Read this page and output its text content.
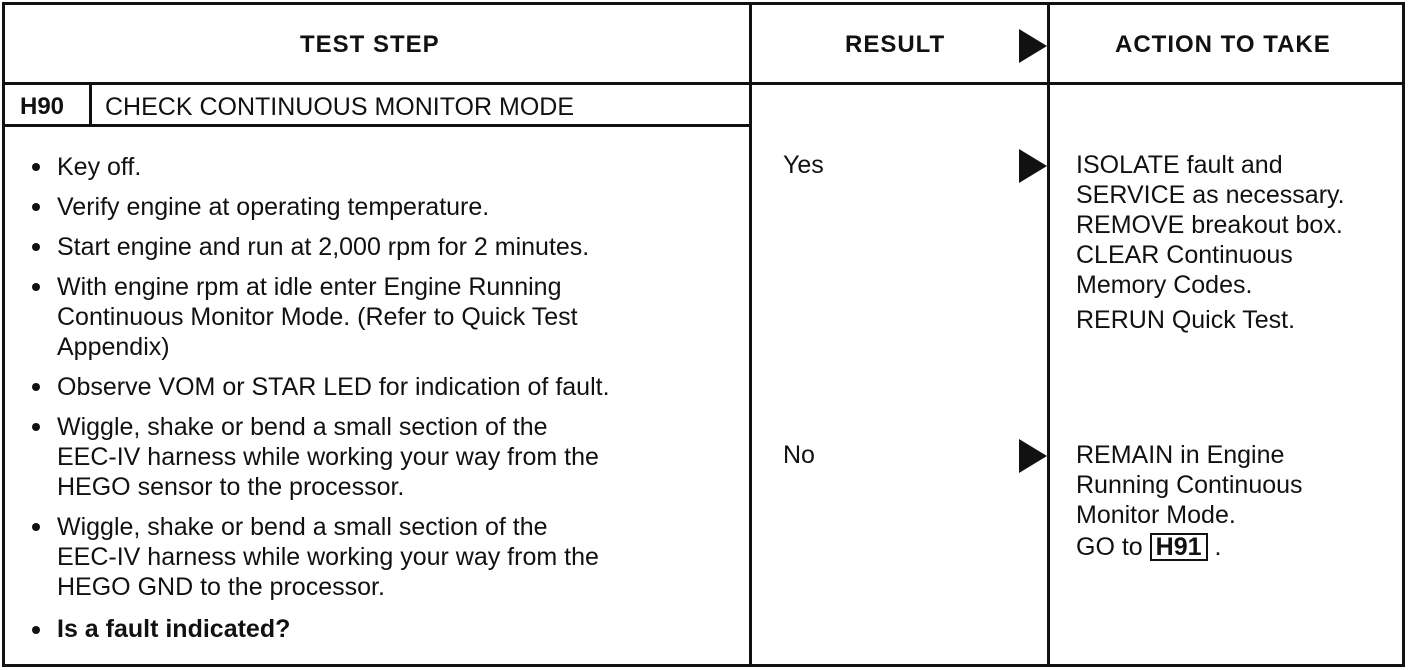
TEST STEP	RESULT	ACTION TO TAKE
H90 CHECK CONTINUOUS MONITOR MODE
Key off.
Verify engine at operating temperature.
Start engine and run at 2,000 rpm for 2 minutes.
With engine rpm at idle enter Engine Running
Continuous Monitor Mode. (Refer to Quick Test
Appendix)
Observe VOM or STAR LED for indication of fault.
Wiggle, shake or bend a small section of the
EEC-IV harness while working your way from the
HEGO sensor to the processor.
Wiggle, shake or bend a small section of the
EEC-IV harness while working your way from the
HEGO GND to the processor.
Is a fault indicated?
Yes	ISOLATE fault and
SERVICE as necessary.
REMOVE breakout box.
CLEAR Continuous
Memory Codes.
RERUN Quick Test.
No	REMAIN in Engine
Running Continuous
Monitor Mode.
GO to H91 .
